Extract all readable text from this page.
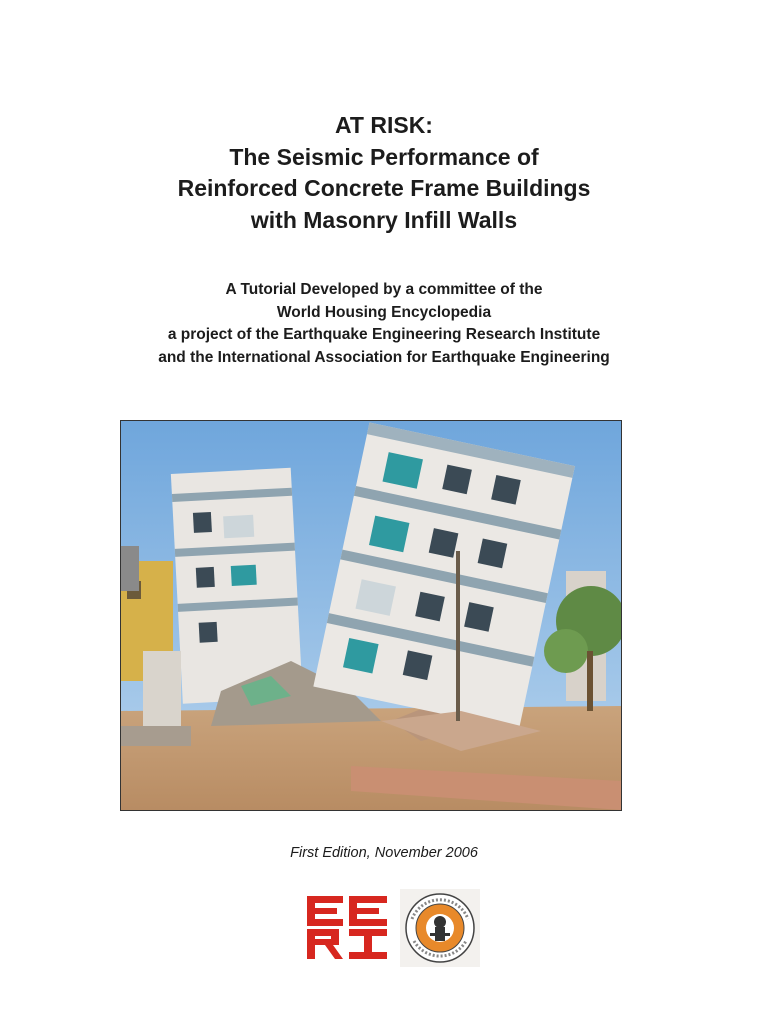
AT RISK:
The Seismic Performance of
Reinforced Concrete Frame Buildings
with Masonry Infill Walls
A Tutorial Developed by a committee of the
World Housing Encyclopedia
a project of the Earthquake Engineering Research Institute
and the International Association for Earthquake Engineering
First Edition, November 2006
